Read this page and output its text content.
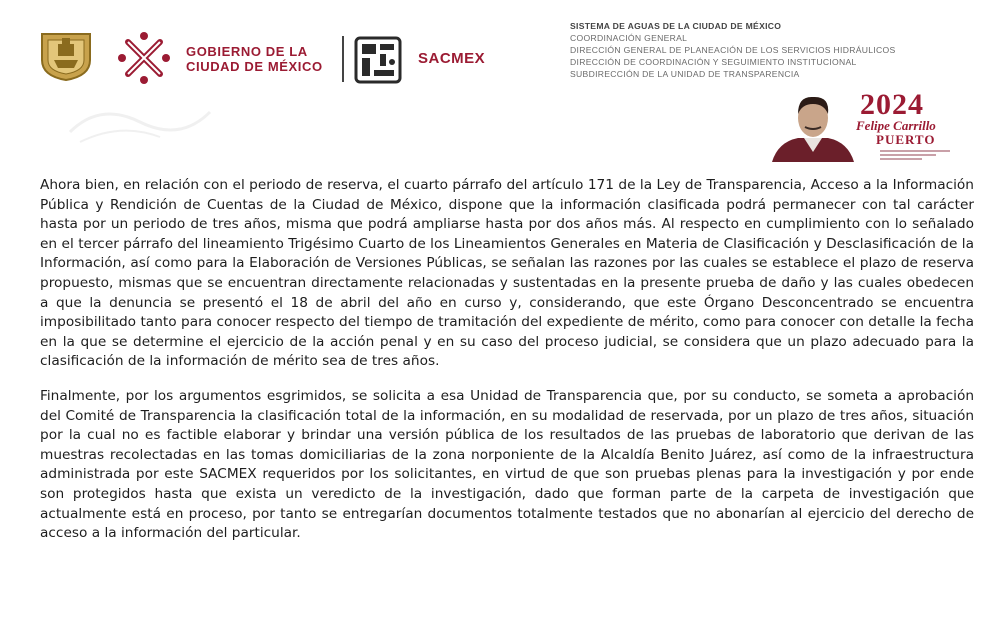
GOBIERNO DE LA
CIUDAD DE MÉXICO	SACMEX
SISTEMA DE AGUAS DE LA CIUDAD DE MÉXICO
COORDINACIÓN GENERAL
DIRECCIÓN GENERAL DE PLANEACIÓN DE LOS SERVICIOS HIDRÁULICOS
DIRECCIÓN DE COORDINACIÓN Y SEGUIMIENTO INSTITUCIONAL
SUBDIRECCIÓN DE LA UNIDAD DE TRANSPARENCIA
2024
Felipe Carrillo
PUERTO

Ahora bien, en relación con el periodo de reserva, el cuarto párrafo del artículo 171 de la Ley de Transparencia, Acceso a la Información Pública y Rendición de Cuentas de la Ciudad de México, dispone que la información clasificada podrá permanecer con tal carácter hasta por un periodo de tres años, misma que podrá ampliarse hasta por dos años más. Al respecto en cumplimiento con lo señalado en el tercer párrafo del lineamiento Trigésimo Cuarto de los Lineamientos Generales en Materia de Clasificación y Desclasificación de la Información, así como para la Elaboración de Versiones Públicas, se señalan las razones por las cuales se establece el plazo de reserva propuesto, mismas que se encuentran directamente relacionadas y sustentadas en la presente prueba de daño y las cuales obedecen a que la denuncia se presentó el 18 de abril del año en curso y, considerando, que este Órgano Desconcentrado se encuentra imposibilitado tanto para conocer respecto del tiempo de tramitación del expediente de mérito, como para conocer con detalle la fecha en la que se determine el ejercicio de la acción penal y en su caso del proceso judicial, se considera que un plazo adecuado para la clasificación de la información de mérito sea de tres años.

Finalmente, por los argumentos esgrimidos, se solicita a esa Unidad de Transparencia que, por su conducto, se someta a aprobación del Comité de Transparencia la clasificación total de la información, en su modalidad de reservada, por un plazo de tres años, situación por la cual no es factible elaborar y brindar una versión pública de los resultados de las pruebas de laboratorio que derivan de las muestras recolectadas en las tomas domiciliarias de la zona norponiente de la Alcaldía Benito Juárez, así como de la infraestructura administrada por este SACMEX requeridos por los solicitantes, en virtud de que son pruebas plenas para la investigación y por ende son protegidos hasta que exista un veredicto de la investigación, dado que forman parte de la carpeta de investigación que actualmente está en proceso, por tanto se entregarían documentos totalmente testados que no abonarían al ejercicio del derecho de acceso a la información del particular.
